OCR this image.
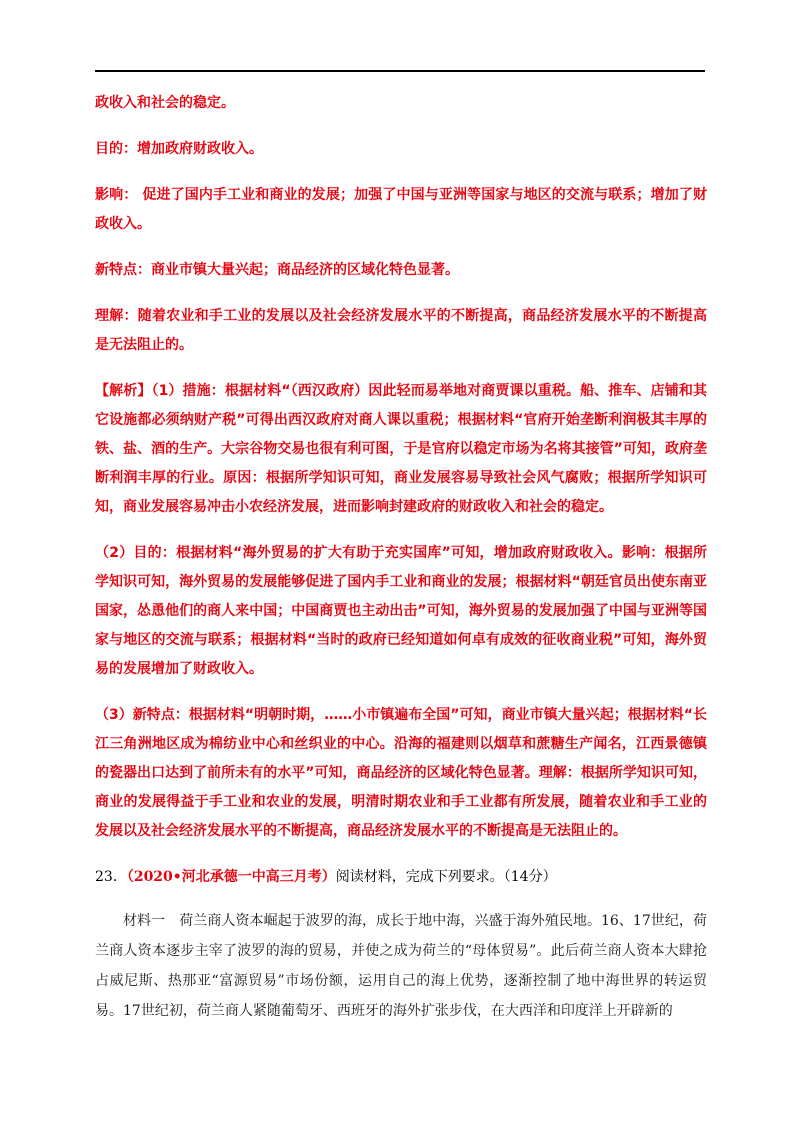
政收入和社会的稳定。

目的：增加政府财政收入。

影响： 促进了国内手工业和商业的发展；加强了中国与亚洲等国家与地区的交流与联系；增加了财政收入。

新特点：商业市镇大量兴起；商品经济的区域化特色显著。

理解：随着农业和手工业的发展以及社会经济发展水平的不断提高，商品经济发展水平的不断提高是无法阻止的。

【解析】（1）措施：根据材料“（西汉政府）因此轻而易举地对商贾课以重税。船、推车、店铺和其它设施都必须纳财产税”可得出西汉政府对商人课以重税；根据材料“官府开始垄断利润极其丰厚的铁、盐、酒的生产。大宗谷物交易也很有利可图，于是官府以稳定市场为名将其接管”可知，政府垄断利润丰厚的行业。原因：根据所学知识可知，商业发展容易导致社会风气腐败；根据所学知识可知，商业发展容易冲击小农经济发展，进而影响封建政府的财政收入和社会的稳定。

（2）目的：根据材料“海外贸易的扩大有助于充实国库”可知，增加政府财政收入。影响：根据所学知识可知，海外贸易的发展能够促进了国内手工业和商业的发展；根据材料“朝廷官员出使东南亚国家，怂恿他们的商人来中国；中国商贾也主动出击”可知，海外贸易的发展加强了中国与亚洲等国家与地区的交流与联系；根据材料“当时的政府已经知道如何卓有成效的征收商业税”可知，海外贸易的发展增加了财政收入。

（3）新特点：根据材料“明朝时期，……小市镇遍布全国”可知，商业市镇大量兴起；根据材料“长江三角洲地区成为棉纺业中心和丝织业的中心。沿海的福建则以烟草和蔗糖生产闻名，江西景德镇的瓷器出口达到了前所未有的水平”可知，商品经济的区域化特色显著。理解：根据所学知识可知，商业的发展得益于手工业和农业的发展，明清时期农业和手工业都有所发展，随着农业和手工业的发展以及社会经济发展水平的不断提高，商品经济发展水平的不断提高是无法阻止的。

23．（2020•河北承德一中高三月考）阅读材料，完成下列要求。（14分）

材料一　荷兰商人资本崛起于波罗的海，成长于地中海，兴盛于海外殖民地。16、17世纪，荷兰商人资本逐步主宰了波罗的海的贸易，并使之成为荷兰的“母体贸易”。此后荷兰商人资本大肆抢占威尼斯、热那亚“富源贸易”市场份额，运用自己的海上优势，逐渐控制了地中海世界的转运贸易。17世纪初，荷兰商人紧随葡萄牙、西班牙的海外扩张步伐，在大西洋和印度洋上开辟新的
